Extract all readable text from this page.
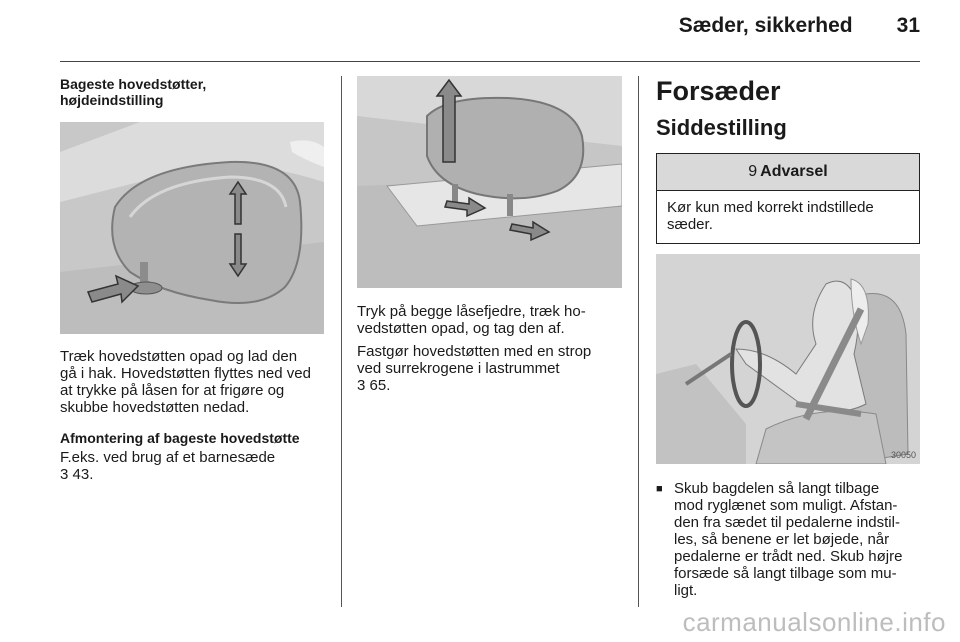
Sæder, sikkerhed 31

Bageste hovedstøtter,
højdeindstilling

Træk hovedstøtten opad og lad den
gå i hak. Hovedstøtten flyttes ned ved
at trykke på låsen for at frigøre og
skubbe hovedstøtten nedad.

Afmontering af bageste hovedstøtte

F.eks. ved brug af et barnesæde
3 43.

Tryk på begge låsefjedre, træk ho-
vedstøtten opad, og tag den af.

Fastgør hovedstøtten med en strop
ved surrekrogene i lastrummet
3 65.

Forsæder

Siddestilling

9 Advarsel
Kør kun med korrekt indstillede
sæder.
30050
■ Skub bagdelen så langt tilbage
mod ryglænet som muligt. Afstan-
den fra sædet til pedalerne indstil-
les, så benene er let bøjede, når
pedalerne er trådt ned. Skub højre
forsæde så langt tilbage som mu-
ligt.
carmanualsonline.info
